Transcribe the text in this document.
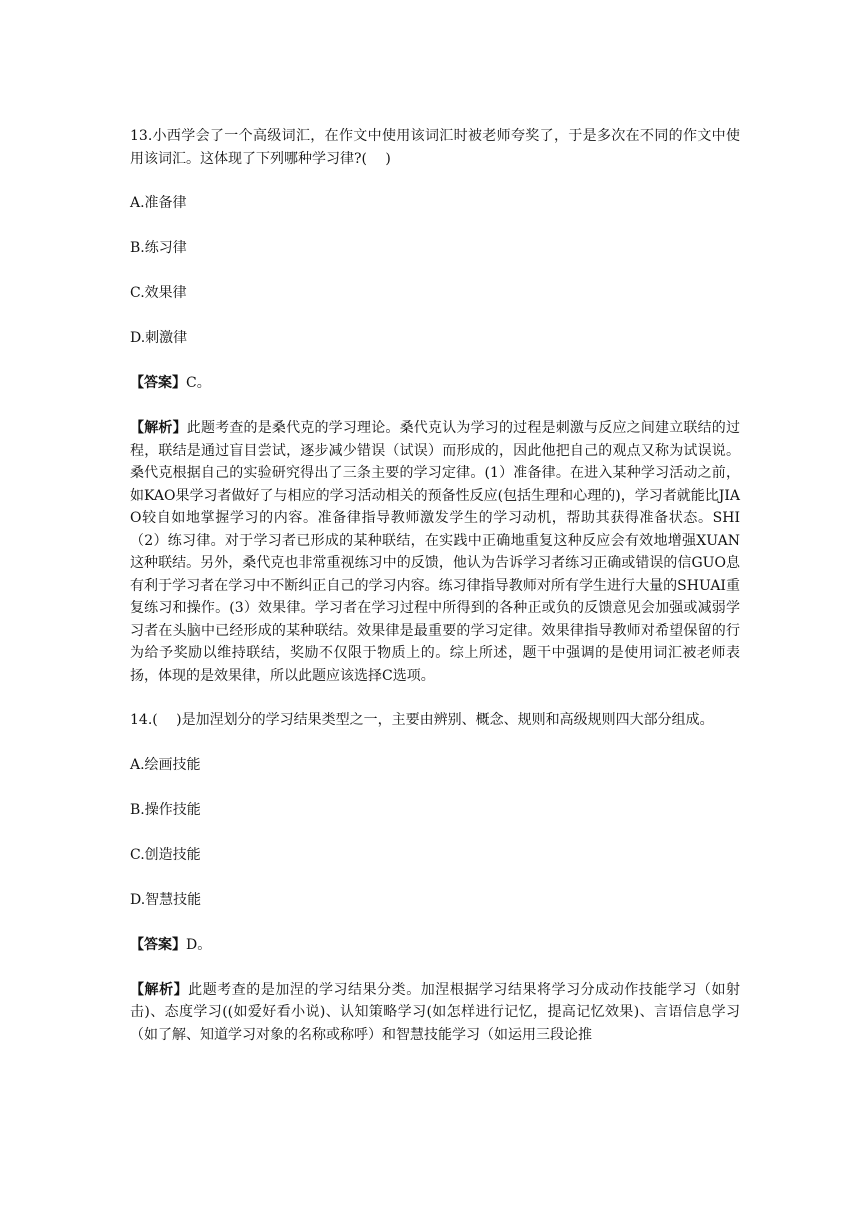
13.小西学会了一个高级词汇，在作文中使用该词汇时被老师夸奖了，于是多次在不同的作文中使用该词汇。这体现了下列哪种学习律?(　 )

A.准备律

B.练习律

C.效果律

D.刺激律

【答案】C。

【解析】此题考查的是桑代克的学习理论。桑代克认为学习的过程是刺激与反应之间建立联结的过程，联结是通过盲目尝试，逐步减少错误（试误）而形成的，因此他把自己的观点又称为试误说。桑代克根据自己的实验研究得出了三条主要的学习定律。(1）准备律。在进入某种学习活动之前，如KAO果学习者做好了与相应的学习活动相关的预备性反应(包括生理和心理的)，学习者就能比JIAO较自如地掌握学习的内容。准备律指导教师激发学生的学习动机，帮助其获得准备状态。SHI（2）练习律。对于学习者已形成的某种联结，在实践中正确地重复这种反应会有效地增强XUAN这种联结。另外，桑代克也非常重视练习中的反馈，他认为告诉学习者练习正确或错误的信GUO息有利于学习者在学习中不断纠正自己的学习内容。练习律指导教师对所有学生进行大量的SHUAI重复练习和操作。(3）效果律。学习者在学习过程中所得到的各种正或负的反馈意见会加强或减弱学习者在头脑中已经形成的某种联结。效果律是最重要的学习定律。效果律指导教师对希望保留的行为给予奖励以维持联结，奖励不仅限于物质上的。综上所述，题干中强调的是使用词汇被老师表扬，体现的是效果律，所以此题应该选择C选项。

14.(　 )是加涅划分的学习结果类型之一，主要由辨别、概念、规则和高级规则四大部分组成。

A.绘画技能

B.操作技能

C.创造技能

D.智慧技能

【答案】D。

【解析】此题考查的是加涅的学习结果分类。加涅根据学习结果将学习分成动作技能学习（如射击)、态度学习((如爱好看小说)、认知策略学习(如怎样进行记忆，提高记忆效果)、言语信息学习（如了解、知道学习对象的名称或称呼）和智慧技能学习（如运用三段论推
